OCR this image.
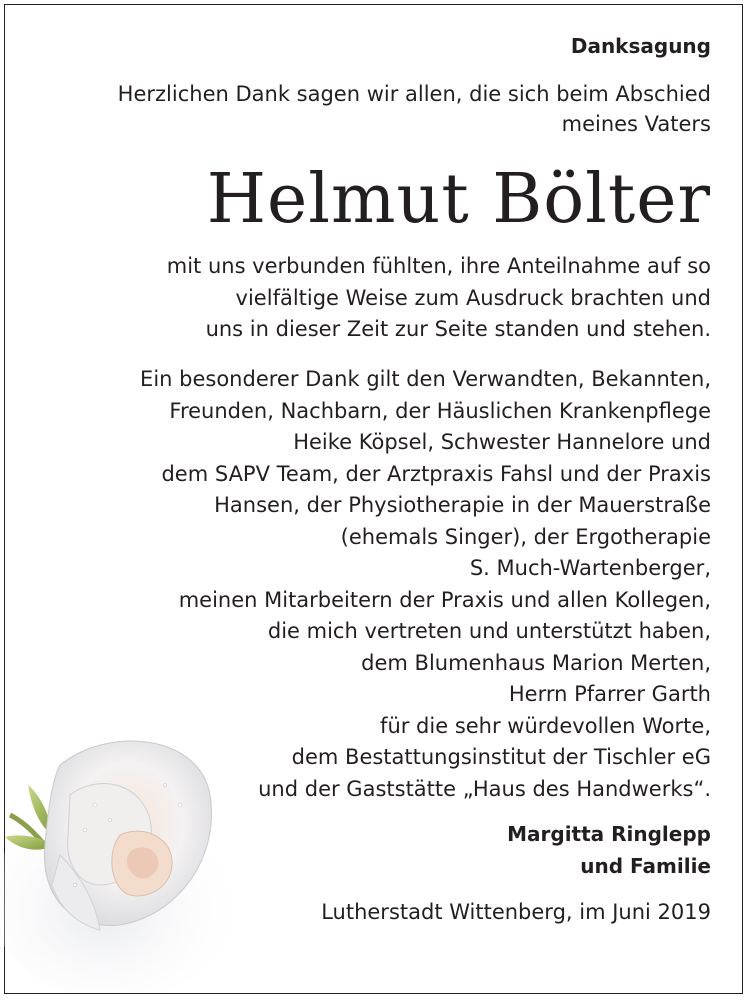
Danksagung
Herzlichen Dank sagen wir allen, die sich beim Abschied
meines Vaters
Helmut Bölter
mit uns verbunden fühlten, ihre Anteilnahme auf so
vielfältige Weise zum Ausdruck brachten und
uns in dieser Zeit zur Seite standen und stehen.
Ein besonderer Dank gilt den Verwandten, Bekannten,
Freunden, Nachbarn, der Häuslichen Krankenpflege
Heike Köpsel, Schwester Hannelore und
dem SAPV Team, der Arztpraxis Fahsl und der Praxis
Hansen, der Physiotherapie in der Mauerstraße
(ehemals Singer), der Ergotherapie
S. Much-Wartenberger,
meinen Mitarbeitern der Praxis und allen Kollegen,
die mich vertreten und unterstützt haben,
dem Blumenhaus Marion Merten,
Herrn Pfarrer Garth
für die sehr würdevollen Worte,
dem Bestattungsinstitut der Tischler eG
und der Gaststätte „Haus des Handwerks“.
Margitta Ringlepp
und Familie
Lutherstadt Wittenberg, im Juni 2019
